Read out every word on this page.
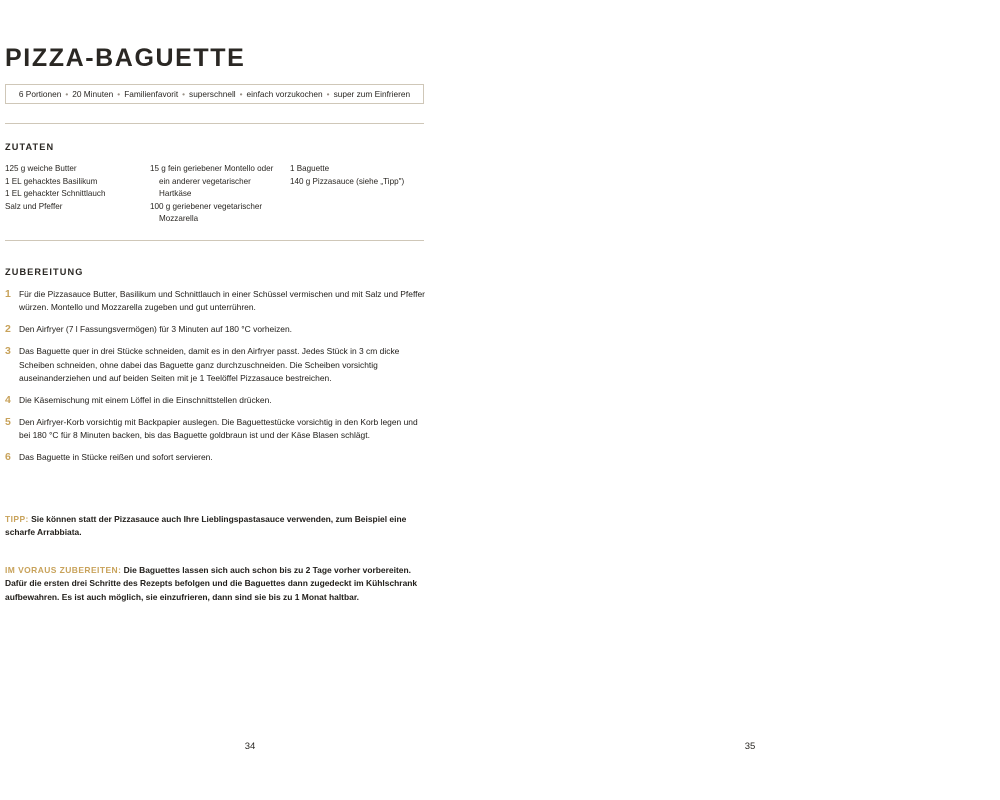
PIZZA-BAGUETTE
6 Portionen • 20 Minuten • Familienfavorit • superschnell • einfach vorzukochen • super zum Einfrieren
ZUTATEN
125 g weiche Butter
1 EL gehacktes Basilikum
1 EL gehackter Schnittlauch
Salz und Pfeffer
15 g fein geriebener Montello oder
ein anderer vegetarischer
Hartkäse
100 g geriebener vegetarischer
Mozzarella
1 Baguette
140 g Pizzasauce (siehe „Tipp")
ZUBEREITUNG
1 Für die Pizzasauce Butter, Basilikum und Schnittlauch in einer Schüssel vermischen und mit Salz und Pfeffer würzen. Montello und Mozzarella zugeben und gut unterrühren.
2 Den Airfryer (7 l Fassungsvermögen) für 3 Minuten auf 180 °C vorheizen.
3 Das Baguette quer in drei Stücke schneiden, damit es in den Airfryer passt. Jedes Stück in 3 cm dicke Scheiben schneiden, ohne dabei das Baguette ganz durchzuschneiden. Die Scheiben vorsichtig auseinanderziehen und auf beiden Seiten mit je 1 Teelöffel Pizzasauce bestreichen.
4 Die Käsemischung mit einem Löffel in die Einschnittstellen drücken.
5 Den Airfryer-Korb vorsichtig mit Backpapier auslegen. Die Baguettestücke vorsichtig in den Korb legen und bei 180 °C für 8 Minuten backen, bis das Baguette goldbraun ist und der Käse Blasen schlägt.
6 Das Baguette in Stücke reißen und sofort servieren.
TIPP: Sie können statt der Pizzasauce auch Ihre Lieblingspastasauce verwenden, zum Beispiel eine scharfe Arrabbiata.
IM VORAUS ZUBEREITEN: Die Baguettes lassen sich auch schon bis zu 2 Tage vorher vorbereiten. Dafür die ersten drei Schritte des Rezepts befolgen und die Baguettes dann zugedeckt im Kühlschrank aufbewahren. Es ist auch möglich, sie einzufrieren, dann sind sie bis zu 1 Monat haltbar.
34	35
